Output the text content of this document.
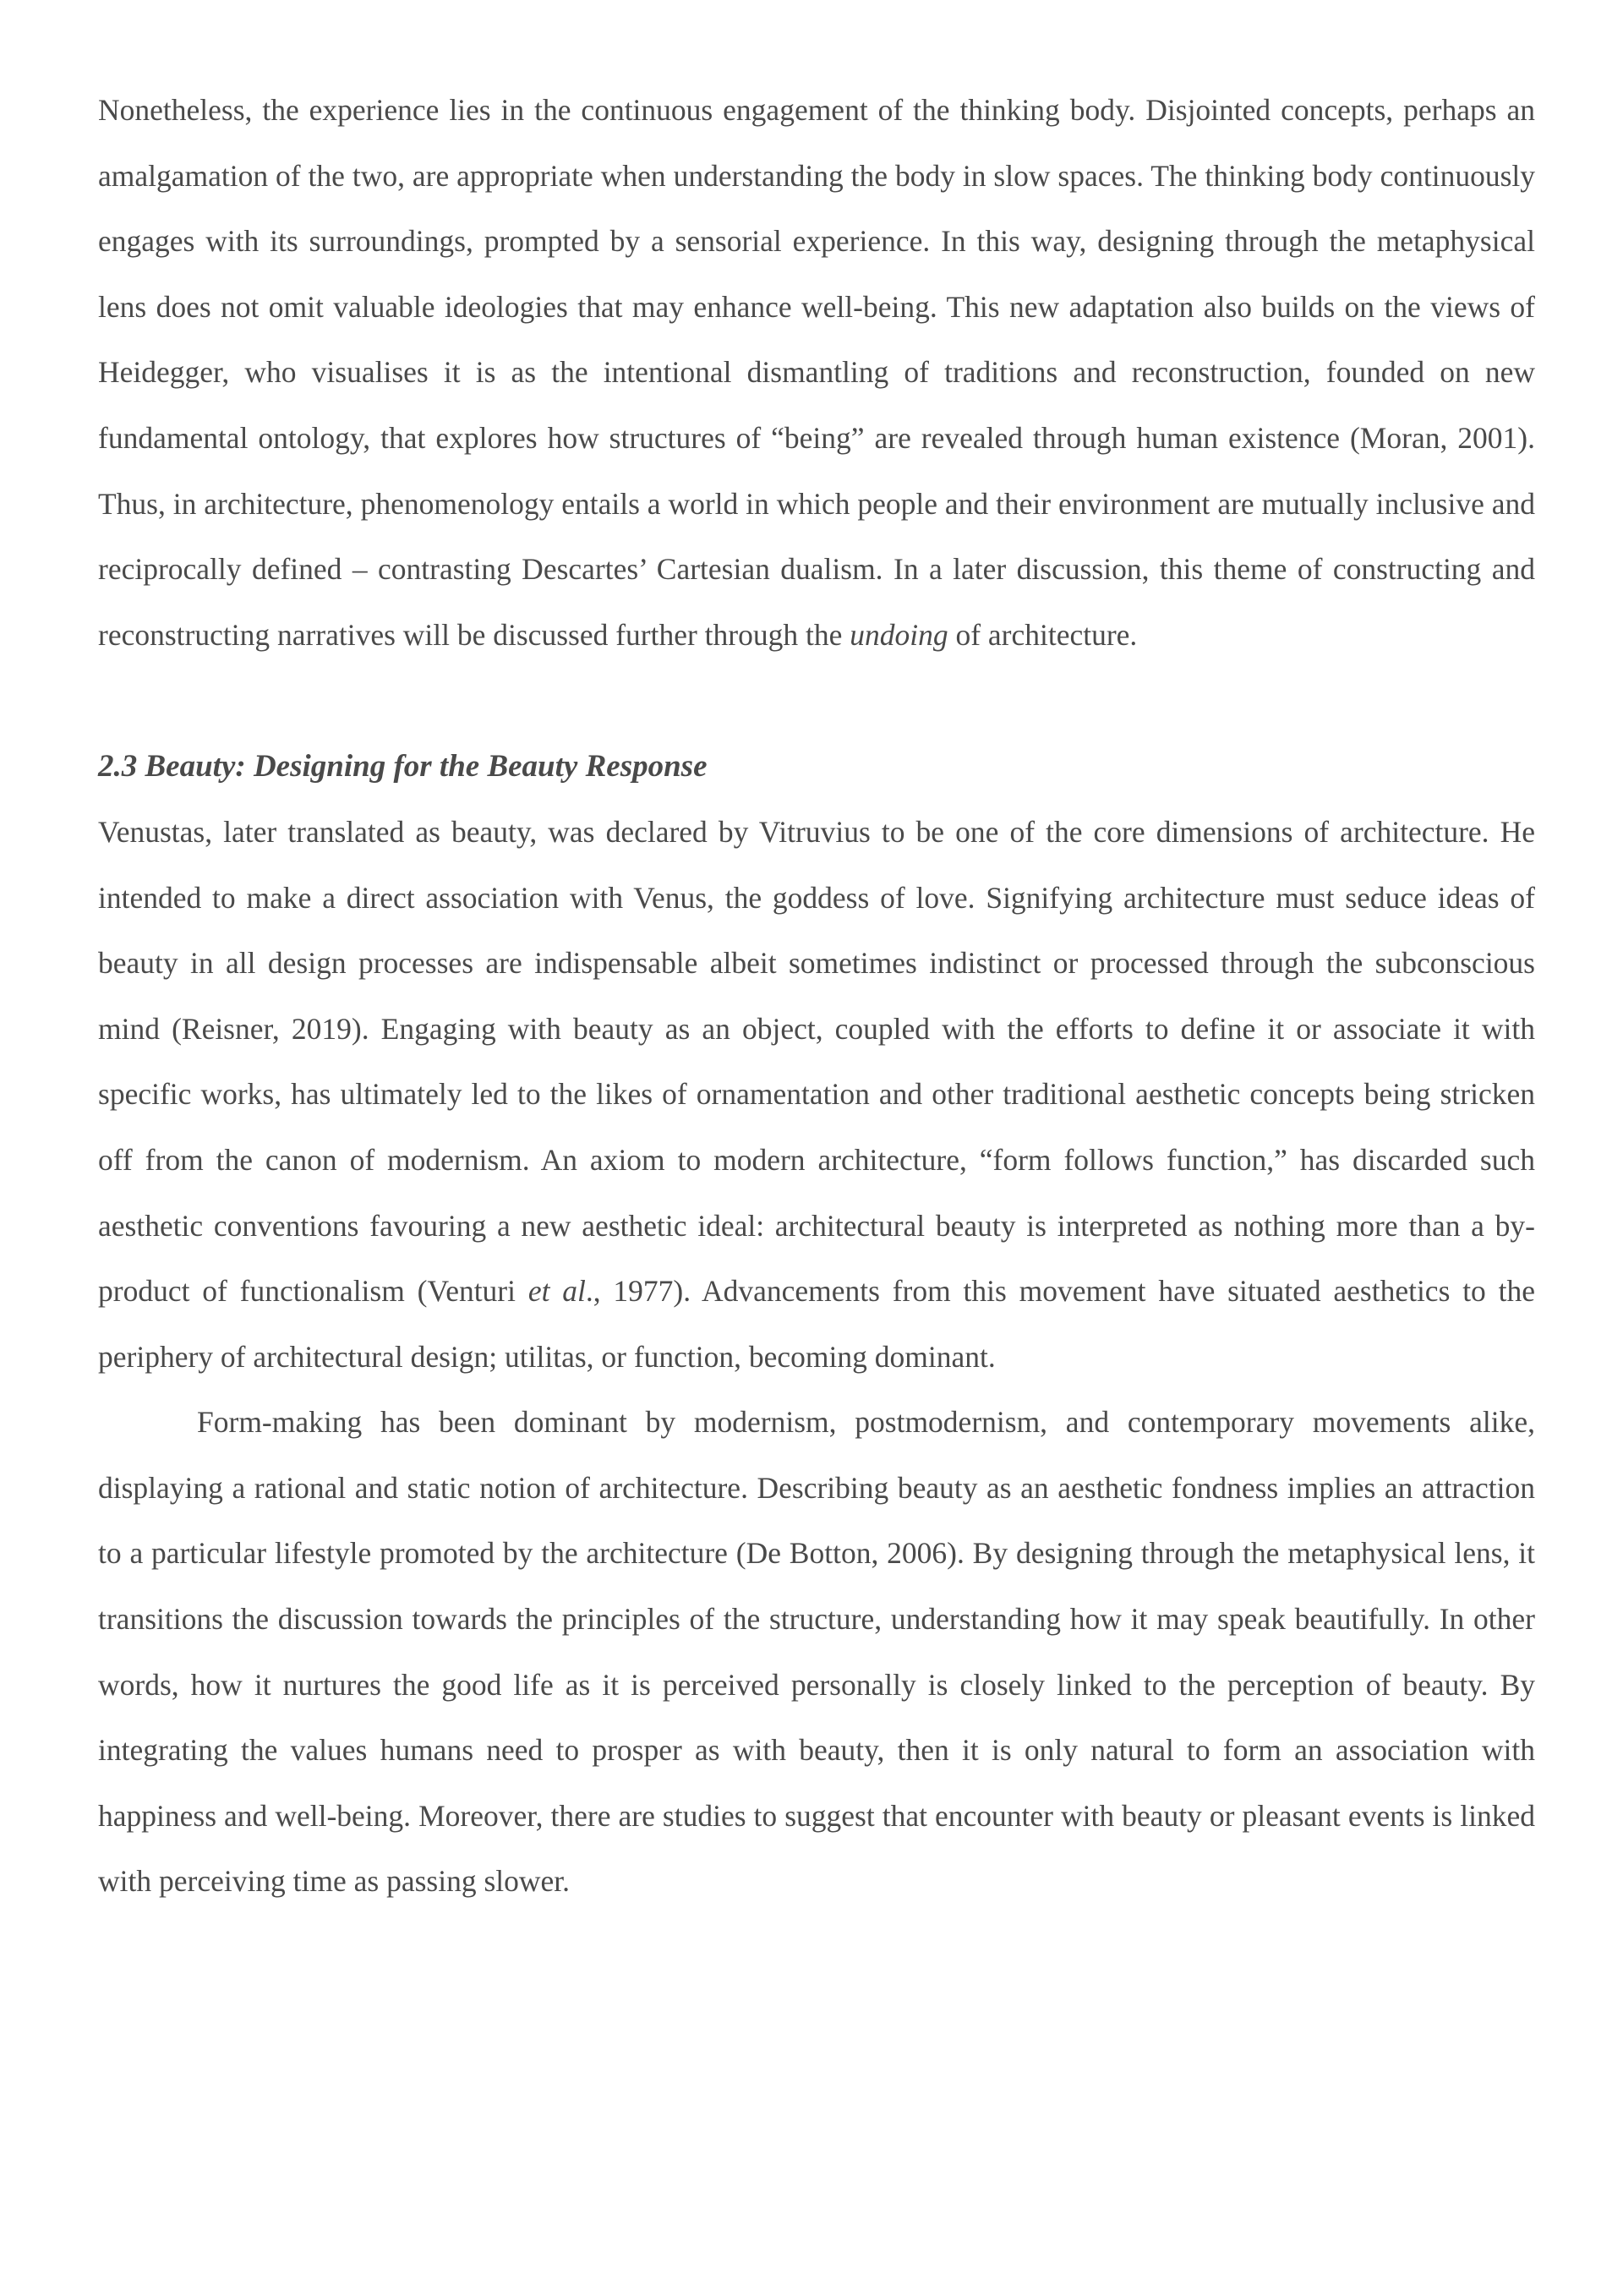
Nonetheless, the experience lies in the continuous engagement of the thinking body. Disjointed concepts, perhaps an amalgamation of the two, are appropriate when understanding the body in slow spaces. The thinking body continuously engages with its surroundings, prompted by a sensorial experience. In this way, designing through the metaphysical lens does not omit valuable ideologies that may enhance well-being. This new adaptation also builds on the views of Heidegger, who visualises it is as the intentional dismantling of traditions and reconstruction, founded on new fundamental ontology, that explores how structures of “being” are revealed through human existence (Moran, 2001). Thus, in architecture, phenomenology entails a world in which people and their environment are mutually inclusive and reciprocally defined – contrasting Descartes’ Cartesian dualism. In a later discussion, this theme of constructing and reconstructing narratives will be discussed further through the undoing of architecture.

2.3 Beauty: Designing for the Beauty Response

Venustas, later translated as beauty, was declared by Vitruvius to be one of the core dimensions of architecture. He intended to make a direct association with Venus, the goddess of love. Signifying architecture must seduce ideas of beauty in all design processes are indispensable albeit sometimes indistinct or processed through the subconscious mind (Reisner, 2019). Engaging with beauty as an object, coupled with the efforts to define it or associate it with specific works, has ultimately led to the likes of ornamentation and other traditional aesthetic concepts being stricken off from the canon of modernism. An axiom to modern architecture, “form follows function,” has discarded such aesthetic conventions favouring a new aesthetic ideal: architectural beauty is interpreted as nothing more than a by-product of functionalism (Venturi et al., 1977). Advancements from this movement have situated aesthetics to the periphery of architectural design; utilitas, or function, becoming dominant.

Form-making has been dominant by modernism, postmodernism, and contemporary movements alike, displaying a rational and static notion of architecture. Describing beauty as an aesthetic fondness implies an attraction to a particular lifestyle promoted by the architecture (De Botton, 2006). By designing through the metaphysical lens, it transitions the discussion towards the principles of the structure, understanding how it may speak beautifully. In other words, how it nurtures the good life as it is perceived personally is closely linked to the perception of beauty. By integrating the values humans need to prosper as with beauty, then it is only natural to form an association with happiness and well-being. Moreover, there are studies to suggest that encounter with beauty or pleasant events is linked with perceiving time as passing slower.
